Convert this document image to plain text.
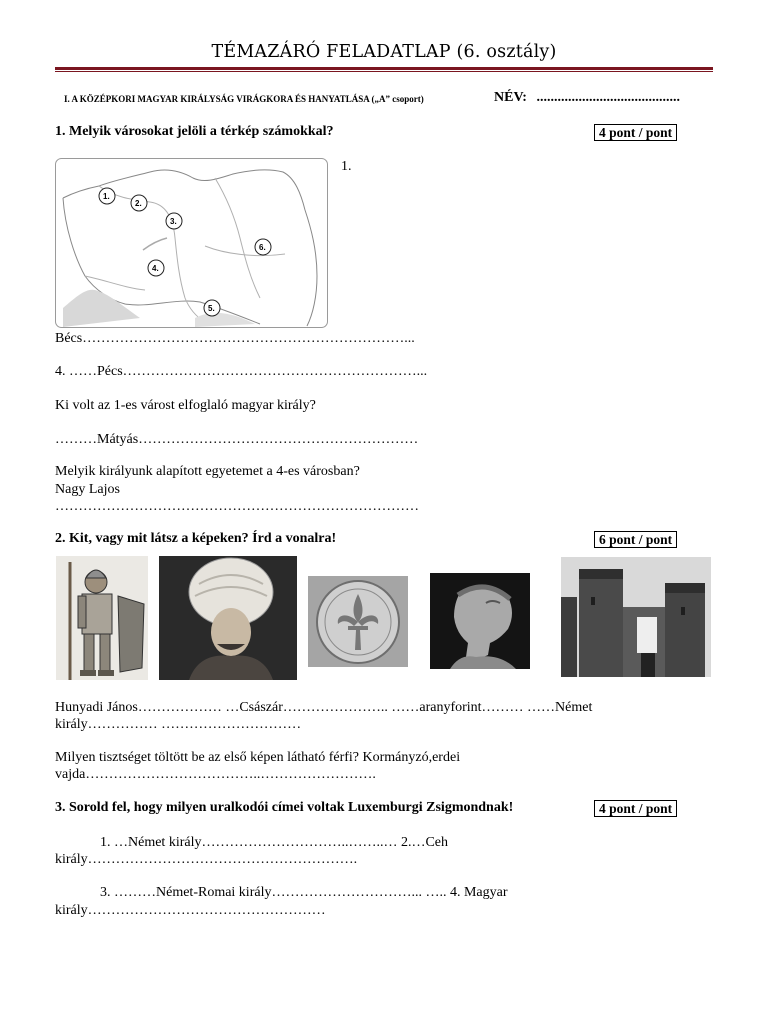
TÉMAZÁRÓ FELADATLAP (6. osztály)
I. A KÖZÉPKORI MAGYAR KIRÁLYSÁG VIRÁGKORA ÉS HANYATLÁSA („A” csoport)	NÉV: .........................................
1. Melyik városokat jelöli a térkép számokkal?	4 pont / pont
1.
2.
3.
4.
5.
6.
1.
Bécs……………………………………………………………...
4. ……Pécs………………………………………………………...
Ki volt az 1-es várost elfoglaló magyar király?
………Mátyás……………………………………………………
Melyik királyunk alapított egyetemet a 4-es városban?
Nagy Lajos
……………………………………………………………………
2. Kit, vagy mit látsz a képeken? Írd a vonalra!	6 pont / pont
Hunyadi János……………… …Császár………………….. ……aranyforint……… ……Német
király…………… …………………………
Milyen tisztséget töltött be az első képen látható férfi? Kormányzó,erdei
vajda………………………………..…………………….
3. Sorold fel, hogy milyen uralkodói címei voltak Luxemburgi Zsigmondnak!	4 pont / pont
1. …Német király…………………………..……..… 2.…Ceh
király………………………………………………….
3. ………Német-Romai király…………………………... ….. 4. Magyar
király……………………………………………
